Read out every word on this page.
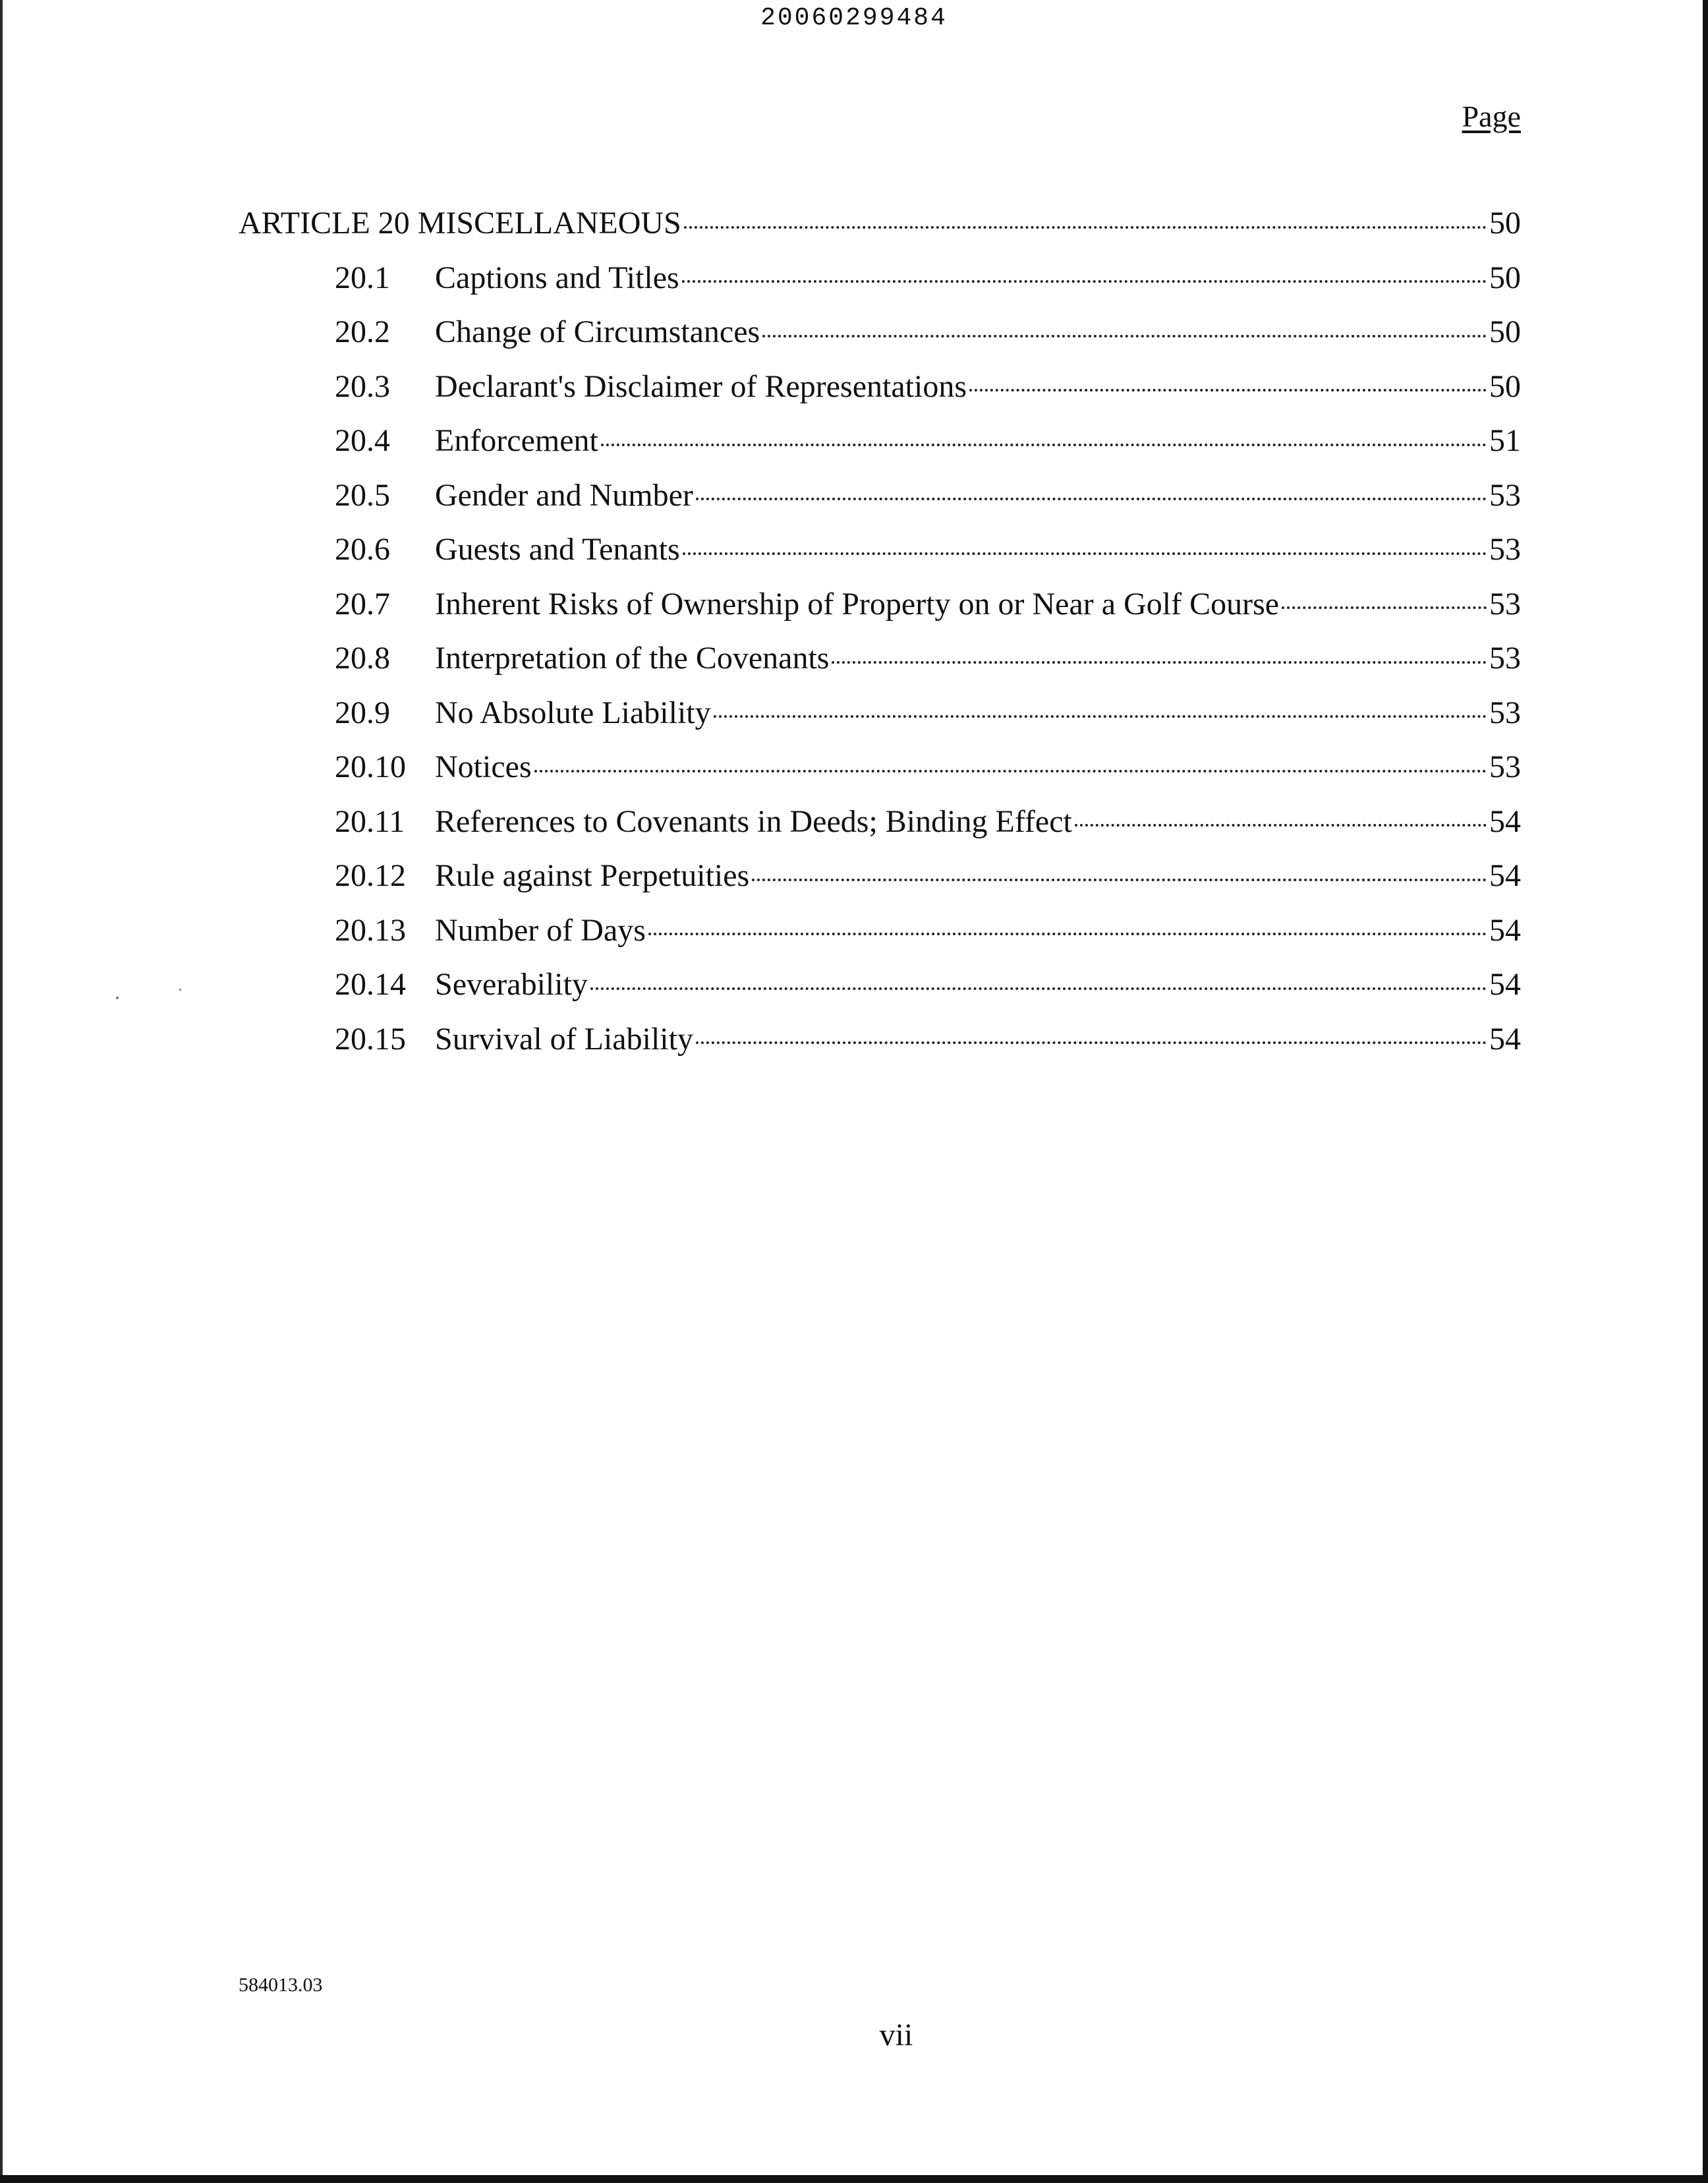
20060299484
Page
ARTICLE 20 MISCELLANEOUS	50
20.1	Captions and Titles	50
20.2	Change of Circumstances	50
20.3	Declarant's Disclaimer of Representations	50
20.4	Enforcement	51
20.5	Gender and Number	53
20.6	Guests and Tenants	53
20.7	Inherent Risks of Ownership of Property on or Near a Golf Course	53
20.8	Interpretation of the Covenants	53
20.9	No Absolute Liability	53
20.10 Notices	53
20.11 References to Covenants in Deeds; Binding Effect	54
20.12 Rule against Perpetuities	54
20.13 Number of Days	54
20.14 Severability	54
20.15 Survival of Liability	54
584013.03
vii
